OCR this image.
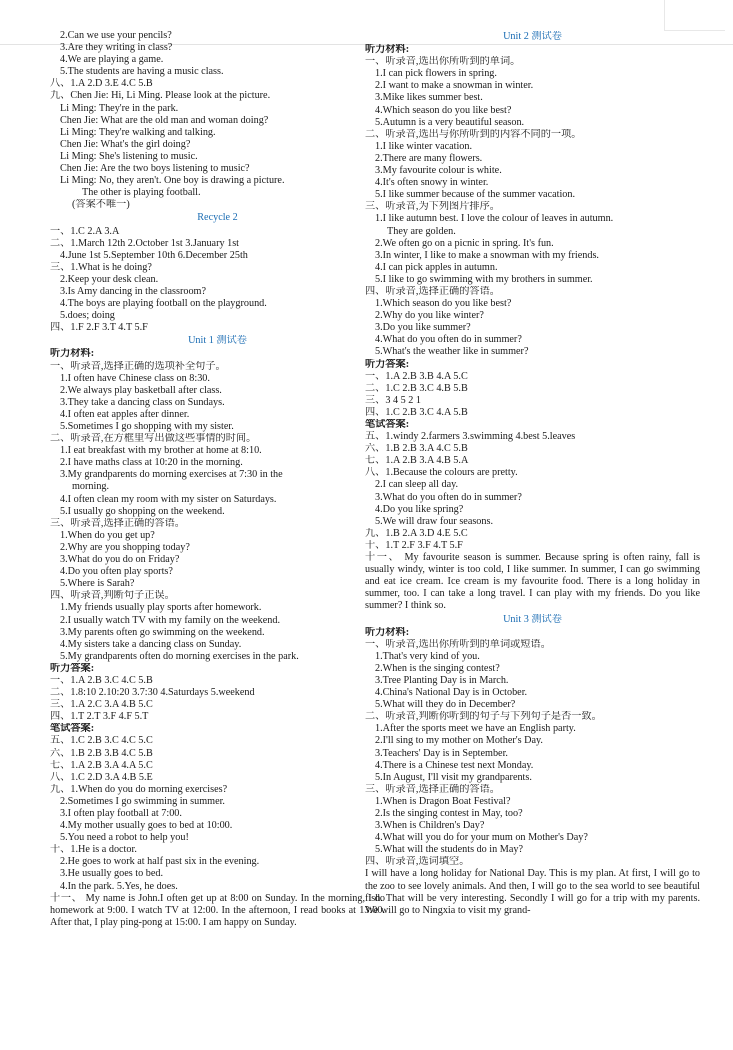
2.Can we use your pencils?
3.Are they writing in class?
4.We are playing a game.
5.The students are having a music class.
八、1.A 2.D 3.E 4.C 5.B
九、Chen Jie: Hi, Li Ming. Please look at the picture.
Li Ming: They're in the park.
Chen Jie: What are the old man and woman doing?
Li Ming: They're walking and talking.
Chen Jie: What's the girl doing?
Li Ming: She's listening to music.
Chen Jie: Are the two boys listening to music?
Li Ming: No, they aren't. One boy is drawing a picture.
The other is playing football.
(答案不唯一)
Recycle 2
一、1.C 2.A 3.A
二、1.March 12th 2.October 1st 3.January 1st
4.June 1st 5.September 10th 6.December 25th
三、1.What is he doing?
2.Keep your desk clean.
3.Is Amy dancing in the classroom?
4.The boys are playing football on the playground.
5.does; doing
四、1.F 2.F 3.T 4.T 5.F
Unit 1 测试卷
听力材料:
一、听录音,选择正确的选项补全句子。
1.I often have Chinese class on 8:30.
2.We always play basketball after class.
3.They take a dancing class on Sundays.
4.I often eat apples after dinner.
5.Sometimes I go shopping with my sister.
二、听录音,在方框里写出做这些事情的时间。
1.I eat breakfast with my brother at home at 8:10.
2.I have maths class at 10:20 in the morning.
3.My grandparents do morning exercises at 7:30 in the
morning.
4.I often clean my room with my sister on Saturdays.
5.I usually go shopping on the weekend.
三、听录音,选择正确的答语。
1.When do you get up?
2.Why are you shopping today?
3.What do you do on Friday?
4.Do you often play sports?
5.Where is Sarah?
四、听录音,判断句子正误。
1.My friends usually play sports after homework.
2.I usually watch TV with my family on the weekend.
3.My parents often go swimming on the weekend.
4.My sisters take a dancing class on Sunday.
5.My grandparents often do morning exercises in the park.
听力答案:
一、1.A 2.B 3.C 4.C 5.B
二、1.8:10 2.10:20 3.7:30 4.Saturdays 5.weekend
三、1.A 2.C 3.A 4.B 5.C
四、1.T 2.T 3.F 4.F 5.T
笔试答案:
五、1.C 2.B 3.C 4.C 5.C
六、1.B 2.B 3.B 4.C 5.B
七、1.A 2.B 3.A 4.A 5.C
八、1.C 2.D 3.A 4.B 5.E
九、1.When do you do morning exercises?
2.Sometimes I go swimming in summer.
3.I often play football at 7:00.
4.My mother usually goes to bed at 10:00.
5.You need a robot to help you!
十、1.He is a doctor.
2.He goes to work at half past six in the evening.
3.He usually goes to bed.
4.In the park. 5.Yes, he does.
十一、 My name is John.I often get up at 8:00 on Sunday. In the morning, I do homework at 9:00. I watch TV at 12:00. In the afternoon, I read books at 13:00. After that, I play ping-pong at 15:00. I am happy on Sunday.
Unit 2 测试卷
听力材料:
一、听录音,选出你所听到的单词。
1.I can pick flowers in spring.
2.I want to make a snowman in winter.
3.Mike likes summer best.
4.Which season do you like best?
5.Autumn is a very beautiful season.
二、听录音,选出与你所听到的内容不同的一项。
1.I like winter vacation.
2.There are many flowers.
3.My favourite colour is white.
4.It's often snowy in winter.
5.I like summer because of the summer vacation.
三、听录音,为下列图片排序。
1.I like autumn best. I love the colour of leaves in autumn.
They are golden.
2.We often go on a picnic in spring. It's fun.
3.In winter, I like to make a snowman with my friends.
4.I can pick apples in autumn.
5.I like to go swimming with my brothers in summer.
四、听录音,选择正确的答语。
1.Which season do you like best?
2.Why do you like winter?
3.Do you like summer?
4.What do you often do in summer?
5.What's the weather like in summer?
听力答案:
一、1.A 2.B 3.B 4.A 5.C
二、1.C 2.B 3.C 4.B 5.B
三、3 4 5 2 1
四、1.C 2.B 3.C 4.A 5.B
笔试答案:
五、1.windy 2.farmers 3.swimming 4.best 5.leaves
六、1.B 2.B 3.A 4.C 5.B
七、1.A 2.B 3.A 4.B 5.A
八、1.Because the colours are pretty.
2.I can sleep all day.
3.What do you often do in summer?
4.Do you like spring?
5.We will draw four seasons.
九、1.B 2.A 3.D 4.E 5.C
十、1.T 2.F 3.F 4.T 5.F
十一、 My favourite season is summer. Because spring is often rainy, fall is usually windy, winter is too cold, I like summer. In summer, I can go swimming and eat ice cream. Ice cream is my favourite food. There is a long holiday in summer, too. I can take a long travel. I can play with my friends. Do you like summer? I think so.
Unit 3 测试卷
听力材料:
一、听录音,选出你所听到的单词或短语。
1.That's very kind of you.
2.When is the singing contest?
3.Tree Planting Day is in March.
4.China's National Day is in October.
5.What will they do in December?
二、听录音,判断你听到的句子与下列句子是否一致。
1.After the sports meet we have an English party.
2.I'll sing to my mother on Mother's Day.
3.Teachers' Day is in September.
4.There is a Chinese test next Monday.
5.In August, I'll visit my grandparents.
三、听录音,选择正确的答语。
1.When is Dragon Boat Festival?
2.Is the singing contest in May, too?
3.When is Children's Day?
4.What will you do for your mum on Mother's Day?
5.What will the students do in May?
四、听录音,选词填空。
I will have a long holiday for National Day. This is my plan. At first, I will go to the zoo to see lovely animals. And then, I will go to the sea world to see beautiful fish. That will be very interesting. Secondly I will go for a trip with my parents. We will go to Ningxia to visit my grand-
